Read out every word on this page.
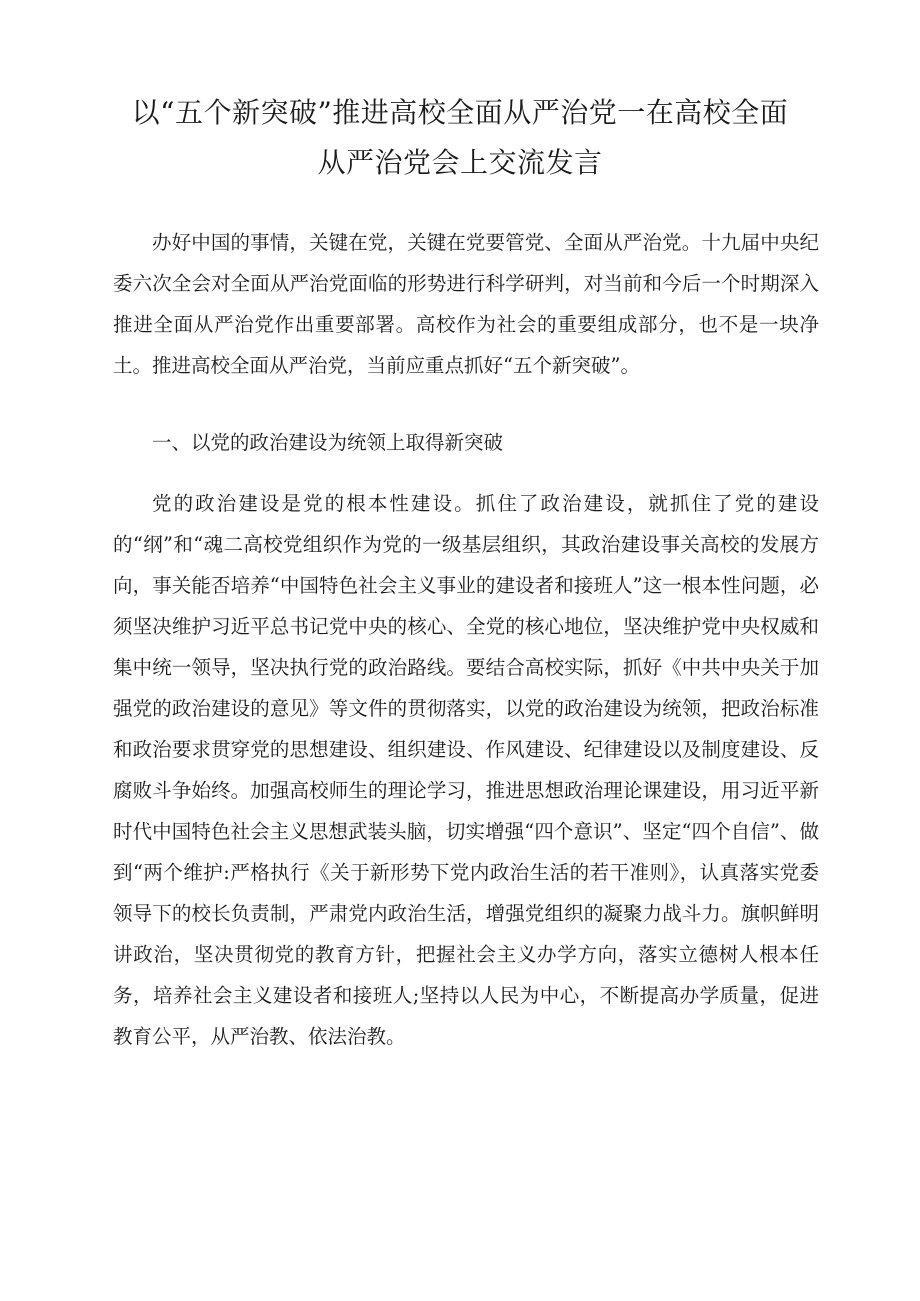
以“五个新突破”推进高校全面从严治党一在高校全面
从严治党会上交流发言

办好中国的事情，关键在党，关键在党要管党、全面从严治党。十九届中央纪委六次全会对全面从严治党面临的形势进行科学研判，对当前和今后一个时期深入推进全面从严治党作出重要部署。高校作为社会的重要组成部分，也不是一块净土。推进高校全面从严治党，当前应重点抓好“五个新突破”。

一、以党的政治建设为统领上取得新突破

党的政治建设是党的根本性建设。抓住了政治建设，就抓住了党的建设的“纲”和“魂二高校党组织作为党的一级基层组织，其政治建设事关高校的发展方向，事关能否培养“中国特色社会主义事业的建设者和接班人”这一根本性问题，必须坚决维护习近平总书记党中央的核心、全党的核心地位，坚决维护党中央权威和集中统一领导，坚决执行党的政治路线。要结合高校实际，抓好《中共中央关于加强党的政治建设的意见》等文件的贯彻落实，以党的政治建设为统领，把政治标准和政治要求贯穿党的思想建设、组织建设、作风建设、纪律建设以及制度建设、反腐败斗争始终。加强高校师生的理论学习，推进思想政治理论课建设，用习近平新时代中国特色社会主义思想武装头脑，切实增强“四个意识”、坚定“四个自信”、做到“两个维护:严格执行《关于新形势下党内政治生活的若干准则》，认真落实党委领导下的校长负责制，严肃党内政治生活，增强党组织的凝聚力战斗力。旗帜鲜明讲政治，坚决贯彻党的教育方针，把握社会主义办学方向，落实立德树人根本任务，培养社会主义建设者和接班人;坚持以人民为中心，不断提高办学质量，促进教育公平，从严治教、依法治教。
